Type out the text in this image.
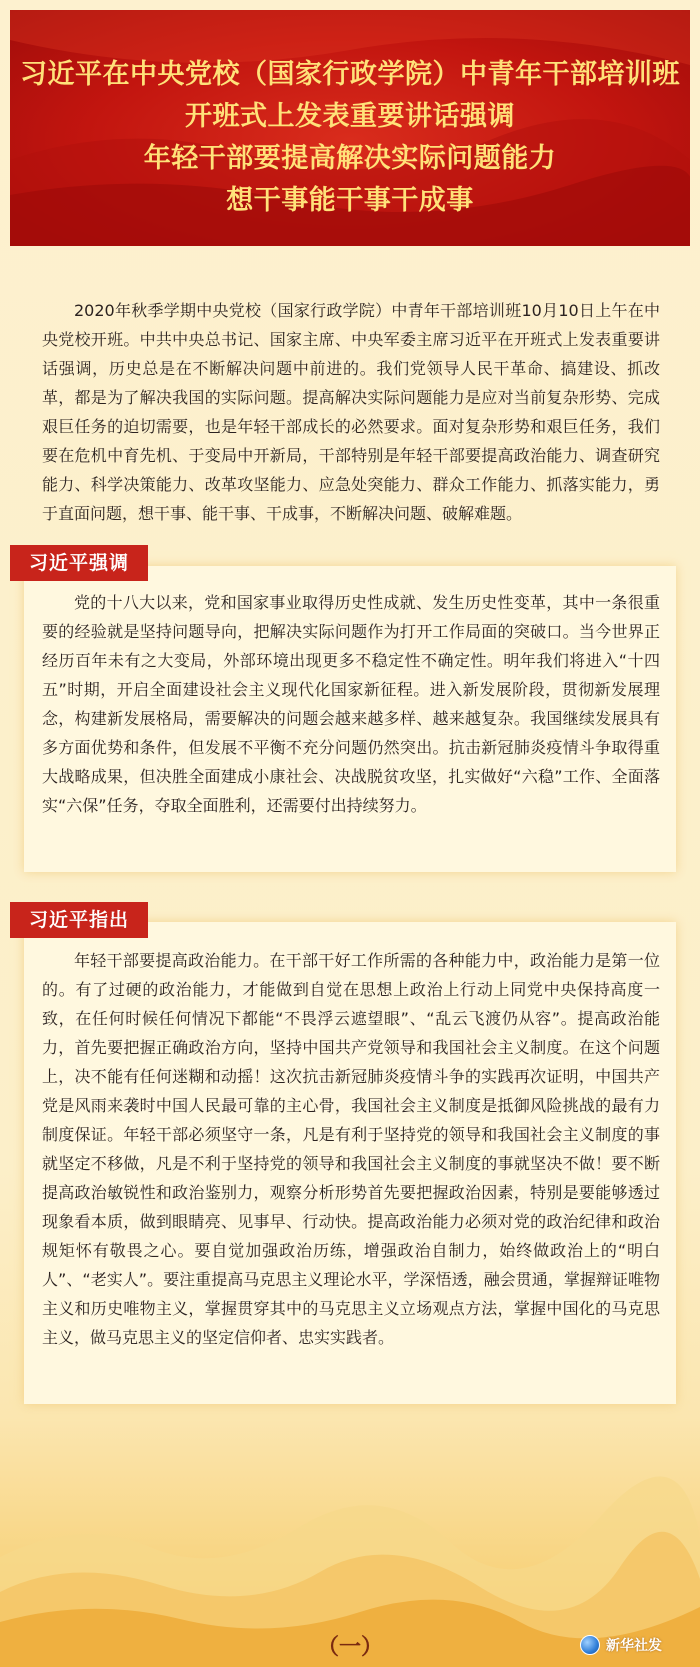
习近平在中央党校（国家行政学院）中青年干部培训班
开班式上发表重要讲话强调
年轻干部要提高解决实际问题能力
想干事能干事干成事

2020年秋季学期中央党校（国家行政学院）中青年干部培训班10月10日上午在中央党校开班。中共中央总书记、国家主席、中央军委主席习近平在开班式上发表重要讲话强调，历史总是在不断解决问题中前进的。我们党领导人民干革命、搞建设、抓改革，都是为了解决我国的实际问题。提高解决实际问题能力是应对当前复杂形势、完成艰巨任务的迫切需要，也是年轻干部成长的必然要求。面对复杂形势和艰巨任务，我们要在危机中育先机、于变局中开新局，干部特别是年轻干部要提高政治能力、调查研究能力、科学决策能力、改革攻坚能力、应急处突能力、群众工作能力、抓落实能力，勇于直面问题，想干事、能干事、干成事，不断解决问题、破解难题。

习近平强调

党的十八大以来，党和国家事业取得历史性成就、发生历史性变革，其中一条很重要的经验就是坚持问题导向，把解决实际问题作为打开工作局面的突破口。当今世界正经历百年未有之大变局，外部环境出现更多不稳定性不确定性。明年我们将进入“十四五”时期，开启全面建设社会主义现代化国家新征程。进入新发展阶段，贯彻新发展理念，构建新发展格局，需要解决的问题会越来越多样、越来越复杂。我国继续发展具有多方面优势和条件，但发展不平衡不充分问题仍然突出。抗击新冠肺炎疫情斗争取得重大战略成果，但决胜全面建成小康社会、决战脱贫攻坚，扎实做好“六稳”工作、全面落实“六保”任务，夺取全面胜利，还需要付出持续努力。

习近平指出

年轻干部要提高政治能力。在干部干好工作所需的各种能力中，政治能力是第一位的。有了过硬的政治能力，才能做到自觉在思想上政治上行动上同党中央保持高度一致，在任何时候任何情况下都能“不畏浮云遮望眼”、“乱云飞渡仍从容”。提高政治能力，首先要把握正确政治方向，坚持中国共产党领导和我国社会主义制度。在这个问题上，决不能有任何迷糊和动摇！这次抗击新冠肺炎疫情斗争的实践再次证明，中国共产党是风雨来袭时中国人民最可靠的主心骨，我国社会主义制度是抵御风险挑战的最有力制度保证。年轻干部必须坚守一条，凡是有利于坚持党的领导和我国社会主义制度的事就坚定不移做，凡是不利于坚持党的领导和我国社会主义制度的事就坚决不做！要不断提高政治敏锐性和政治鉴别力，观察分析形势首先要把握政治因素，特别是要能够透过现象看本质，做到眼睛亮、见事早、行动快。提高政治能力必须对党的政治纪律和政治规矩怀有敬畏之心。要自觉加强政治历练，增强政治自制力，始终做政治上的“明白人”、“老实人”。要注重提高马克思主义理论水平，学深悟透，融会贯通，掌握辩证唯物主义和历史唯物主义，掌握贯穿其中的马克思主义立场观点方法，掌握中国化的马克思主义，做马克思主义的坚定信仰者、忠实实践者。

（一）	新华社发
